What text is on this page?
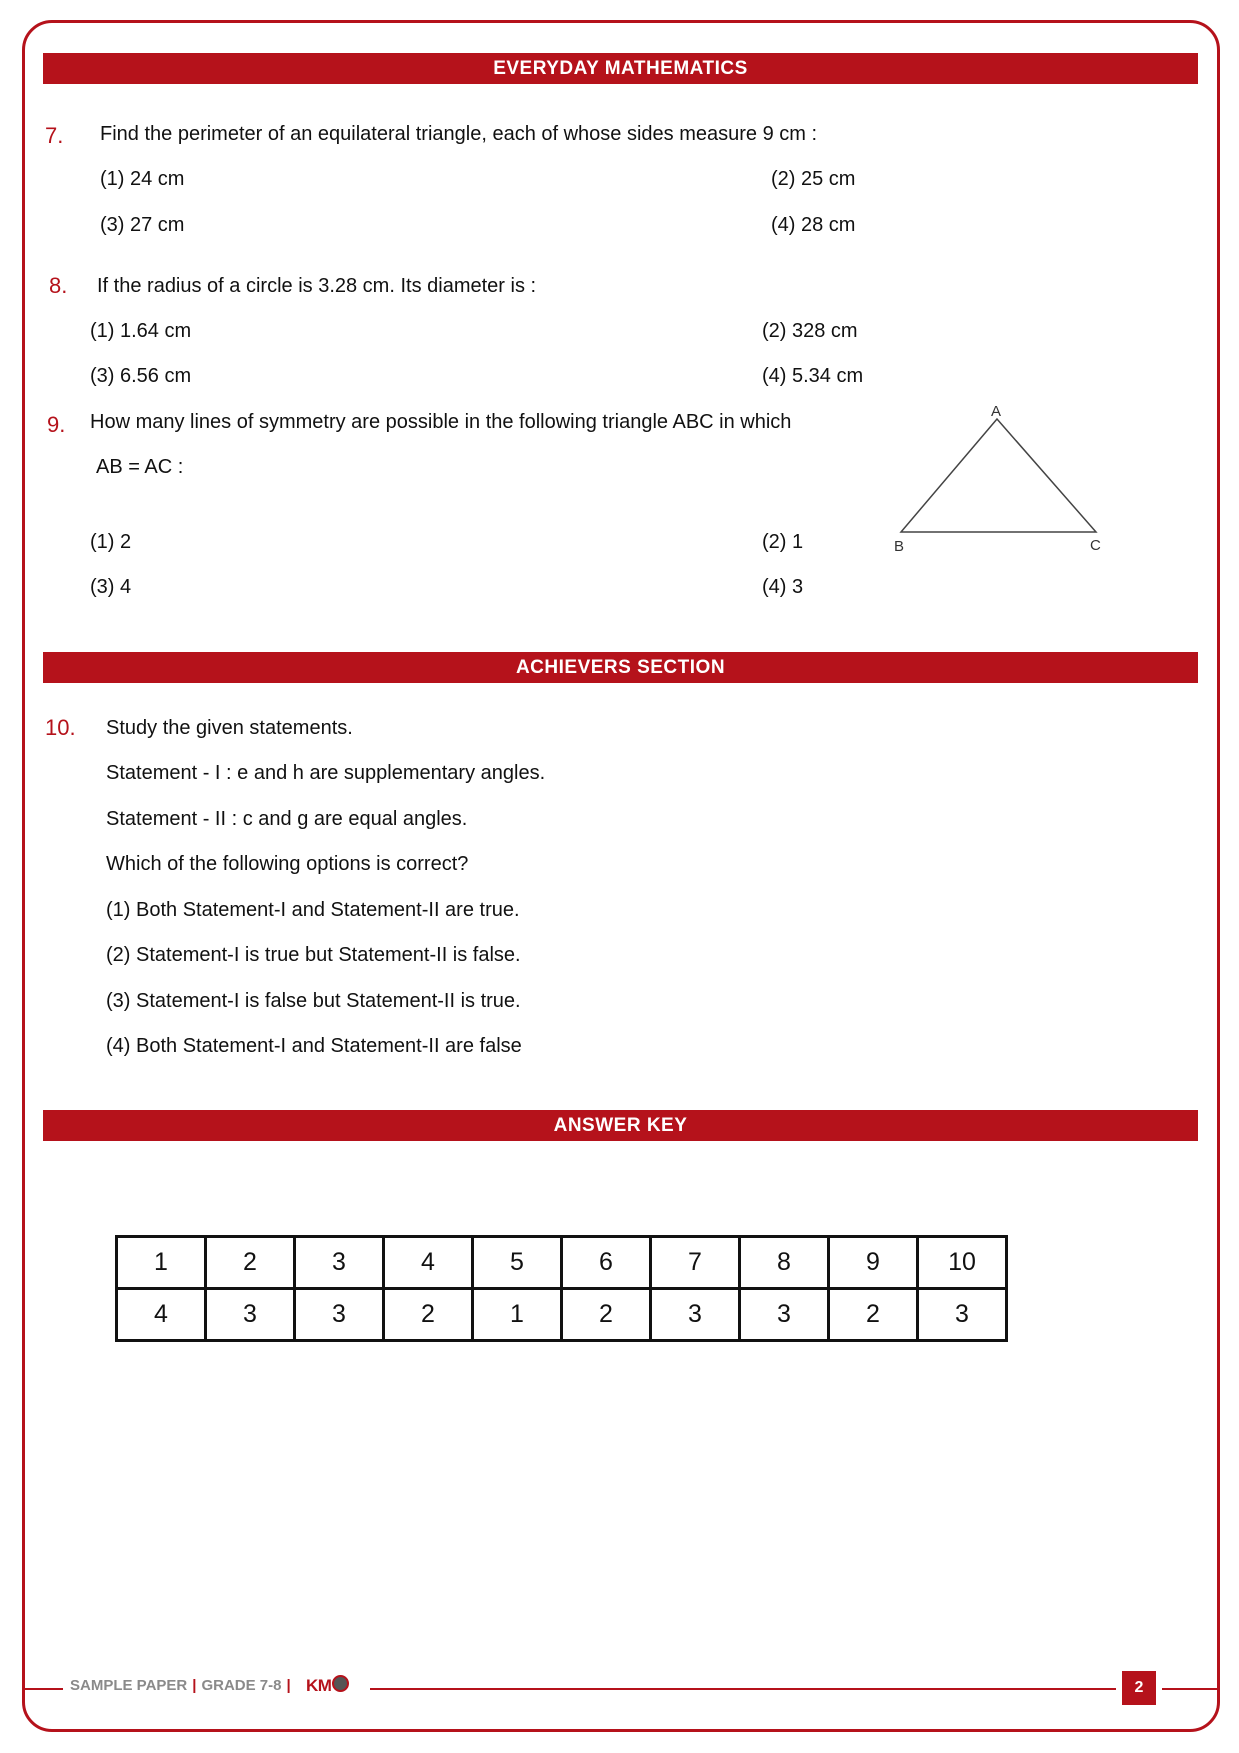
EVERYDAY MATHEMATICS
7. Find the perimeter of an equilateral triangle, each of whose sides measure 9 cm :
(1) 24 cm	(2) 25 cm
(3) 27 cm	(4) 28 cm
8. If the radius of a circle is 3.28 cm. Its diameter is :
(1) 1.64 cm	(2) 328 cm
(3) 6.56 cm	(4) 5.34 cm
9. How many lines of symmetry are possible in the following triangle ABC in which
AB = AC :
(1) 2	(2) 1
(3) 4	(4) 3
A
B	C
ACHIEVERS SECTION
10. Study the given statements.
Statement - I : e and h are supplementary angles.
Statement - II : c and g are equal angles.
Which of the following options is correct?
(1) Both Statement-I and Statement-II are true.
(2) Statement-I is true but Statement-II is false.
(3) Statement-I is false but Statement-II is true.
(4) Both Statement-I and Statement-II are false
ANSWER KEY
1	2	3	4	5	6	7	8	9	10
4	3	3	2	1	2	3	3	2	3
SAMPLE PAPER | GRADE 7-8 | KM	2
